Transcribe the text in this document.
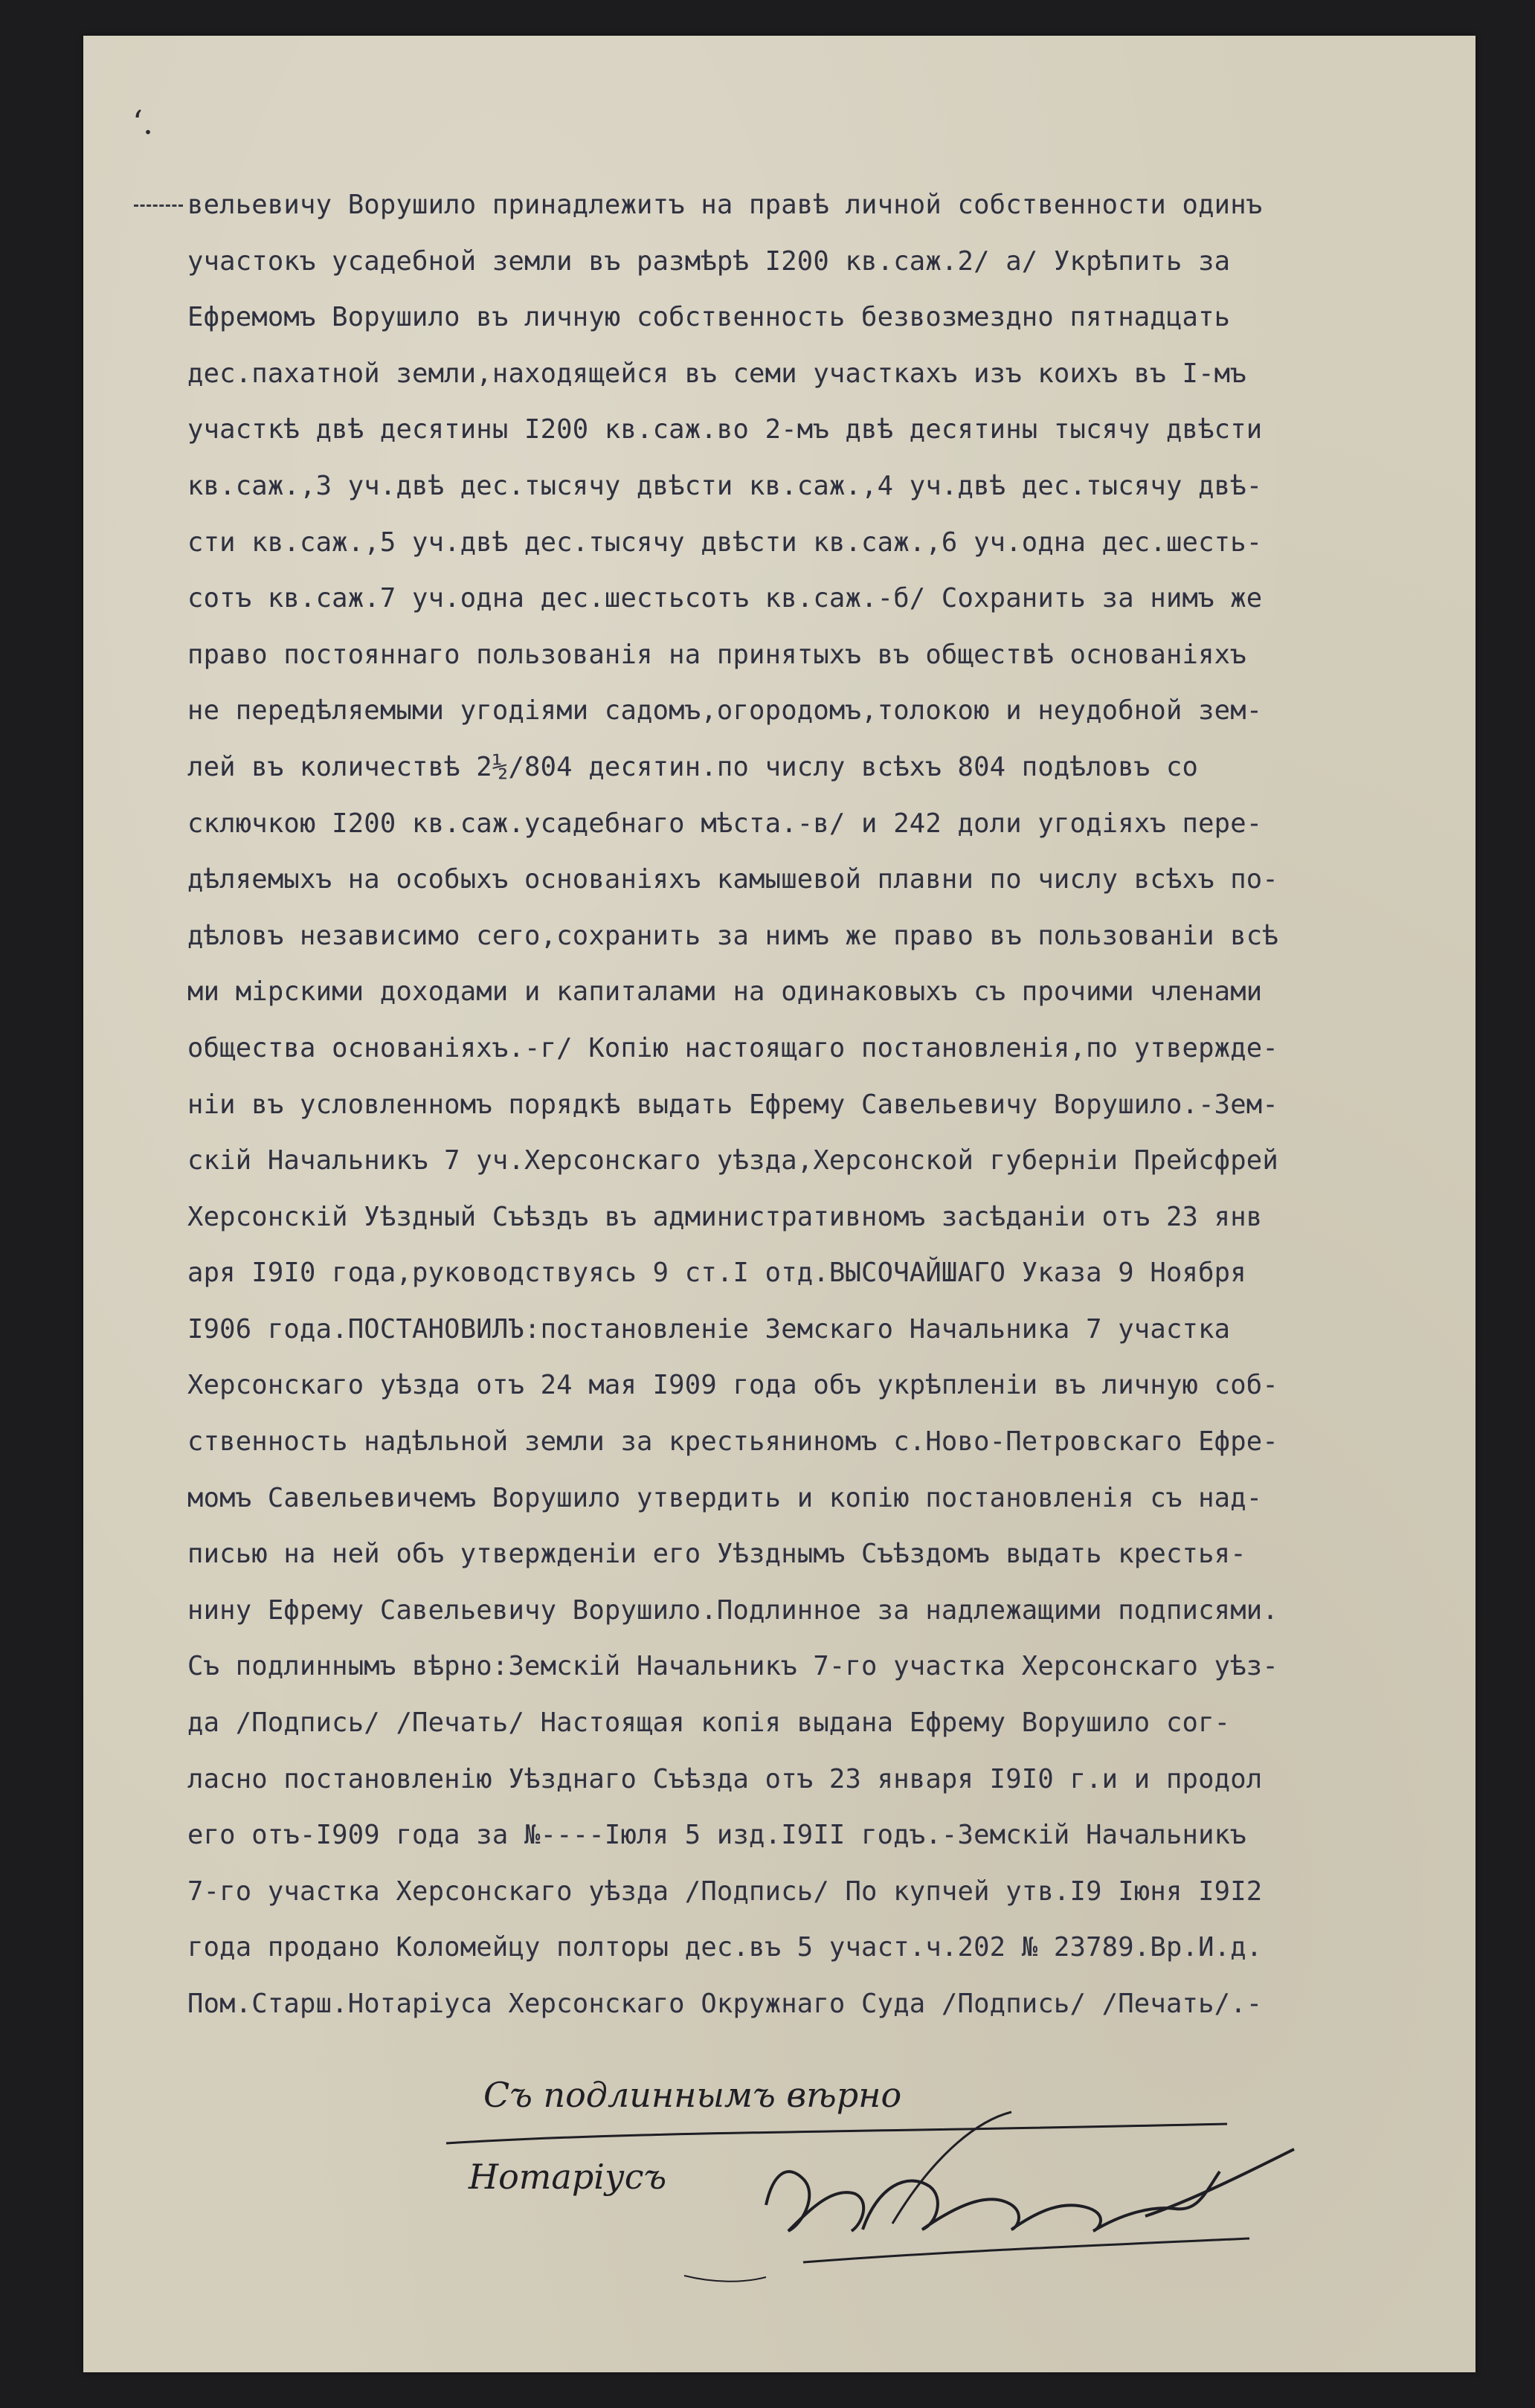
‘.
вельевичу Ворушило принадлежитъ на правѣ личной собственности одинъ
участокъ усадебной земли въ размѣрѣ I200 кв.саж.2/ а/ Укрѣпить за
Ефремомъ Ворушило въ личную собственность безвозмездно пятнадцать
дес.пахатной земли,находящейся въ семи участкахъ изъ коихъ въ I-мъ
участкѣ двѣ десятины I200 кв.саж.во 2-мъ двѣ десятины тысячу двѣсти
кв.саж.,3 уч.двѣ дес.тысячу двѣсти кв.саж.,4 уч.двѣ дес.тысячу двѣ-
сти кв.саж.,5 уч.двѣ дес.тысячу двѣсти кв.саж.,6 уч.одна дес.шесть-
сотъ кв.саж.7 уч.одна дес.шестьсотъ кв.саж.-б/ Сохранить за нимъ же
право постояннаго пользованія на принятыхъ въ обществѣ основаніяхъ
не передѣляемыми угодіями садомъ,огородомъ,толокою и неудобной зем-
лей въ количествѣ 2½/804 десятин.по числу всѣхъ 804 подѣловъ со
сключкою I200 кв.саж.усадебнаго мѣста.-в/ и 242 доли угодіяхъ пере-
дѣляемыхъ на особыхъ основаніяхъ камышевой плавни по числу всѣхъ по-
дѣловъ независимо сего,сохранить за нимъ же право въ пользованіи всѣ
ми мірскими доходами и капиталами на одинаковыхъ съ прочими членами
общества основаніяхъ.-г/ Копію настоящаго постановленія,по утвержде-
ніи въ условленномъ порядкѣ выдать Ефрему Савельевичу Ворушило.-Зем-
скій Начальникъ 7 уч.Херсонскаго уѣзда,Херсонской губерніи Прейсфрей
Херсонскій Уѣздный Съѣздъ въ административномъ засѣданіи отъ 23 янв
аря I9I0 года,руководствуясь 9 ст.I отд.ВЫСОЧАЙШАГО Указа 9 Ноября
I906 года.ПОСТАНОВИЛЪ:постановленіе Земскаго Начальника 7 участка
Херсонскаго уѣзда отъ 24 мая I909 года объ укрѣпленіи въ личную соб-
ственность надѣльной земли за крестьяниномъ с.Ново-Петровскаго Ефре-
момъ Савельевичемъ Ворушило утвердить и копію постановленія съ над-
писью на ней объ утвержденіи его Уѣзднымъ Съѣздомъ выдать крестья-
нину Ефрему Савельевичу Ворушило.Подлинное за надлежащими подписями.
Съ подлиннымъ вѣрно:Земскій Начальникъ 7-го участка Херсонскаго уѣз-
да /Подпись/ /Печать/ Настоящая копія выдана Ефрему Ворушило сог-
ласно постановленію Уѣзднаго Съѣзда отъ 23 января I9I0 г.и и продол
его отъ-I909 года за №----Іюля 5 изд.I9II годъ.-Земскій Начальникъ
7-го участка Херсонскаго уѣзда /Подпись/ По купчей утв.I9 Іюня I9I2
года продано Коломейцу полторы дес.въ 5 участ.ч.202 № 23789.Вр.И.д.
Пом.Старш.Нотаріуса Херсонскаго Окружнаго Суда /Подпись/ /Печать/.-
Съ подлиннымъ вѣрно
Нотаріусъ
